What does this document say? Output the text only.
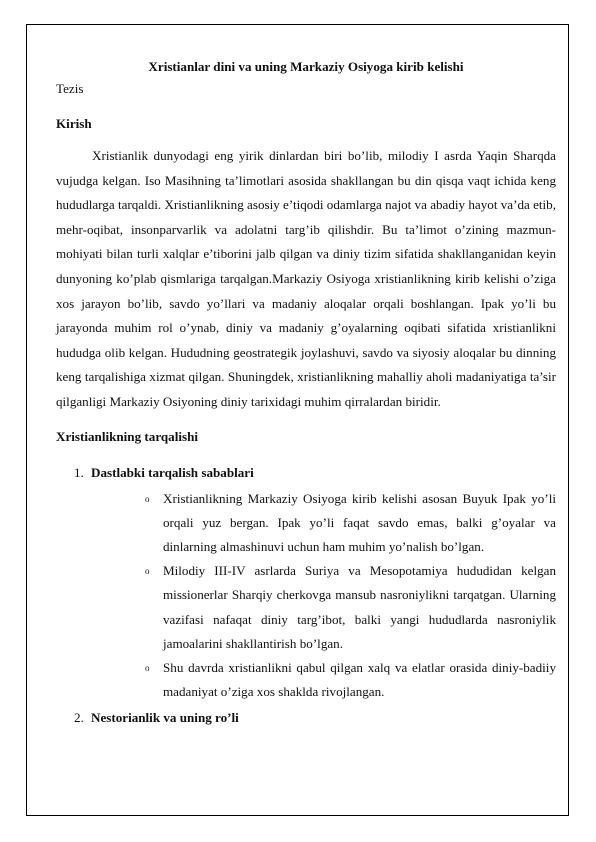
Xristianlar dini va uning Markaziy Osiyoga kirib kelishi

Tezis

Kirish

Xristianlik dunyodagi eng yirik dinlardan biri bo’lib, milodiy I asrda Yaqin Sharqda vujudga kelgan. Iso Masihning ta’limotlari asosida shakllangan bu din qisqa vaqt ichida keng hududlarga tarqaldi. Xristianlikning asosiy e’tiqodi odamlarga najot va abadiy hayot va’da etib, mehr-oqibat, insonparvarlik va adolatni targ’ib qilishdir. Bu ta’limot o’zining mazmun-mohiyati bilan turli xalqlar e’tiborini jalb qilgan va diniy tizim sifatida shakllanganidan keyin dunyoning ko’plab qismlariga tarqalgan.Markaziy Osiyoga xristianlikning kirib kelishi o’ziga xos jarayon bo’lib, savdo yo’llari va madaniy aloqalar orqali boshlangan. Ipak yo’li bu jarayonda muhim rol o’ynab, diniy va madaniy g’oyalarning oqibati sifatida xristianlikni hududga olib kelgan. Hududning geostrategik joylashuvi, savdo va siyosiy aloqalar bu dinning keng tarqalishiga xizmat qilgan. Shuningdek, xristianlikning mahalliy aholi madaniyatiga ta’sir qilganligi Markaziy Osiyoning diniy tarixidagi muhim qirralardan biridir.

Xristianlikning tarqalishi

1. Dastlabki tarqalish sabablari
o Xristianlikning Markaziy Osiyoga kirib kelishi asosan Buyuk Ipak yo’li orqali yuz bergan. Ipak yo’li faqat savdo emas, balki g’oyalar va dinlarning almashinuvi uchun ham muhim yo’nalish bo’lgan.
o Milodiy III-IV asrlarda Suriya va Mesopotamiya hududidan kelgan missionerlar Sharqiy cherkovga mansub nasroniylikni tarqatgan. Ularning vazifasi nafaqat diniy targ’ibot, balki yangi hududlarda nasroniylik jamoalarini shakllantirish bo’lgan.
o Shu davrda xristianlikni qabul qilgan xalq va elatlar orasida diniy-badiiy madaniyat o’ziga xos shaklda rivojlangan.
2. Nestorianlik va uning ro’li
